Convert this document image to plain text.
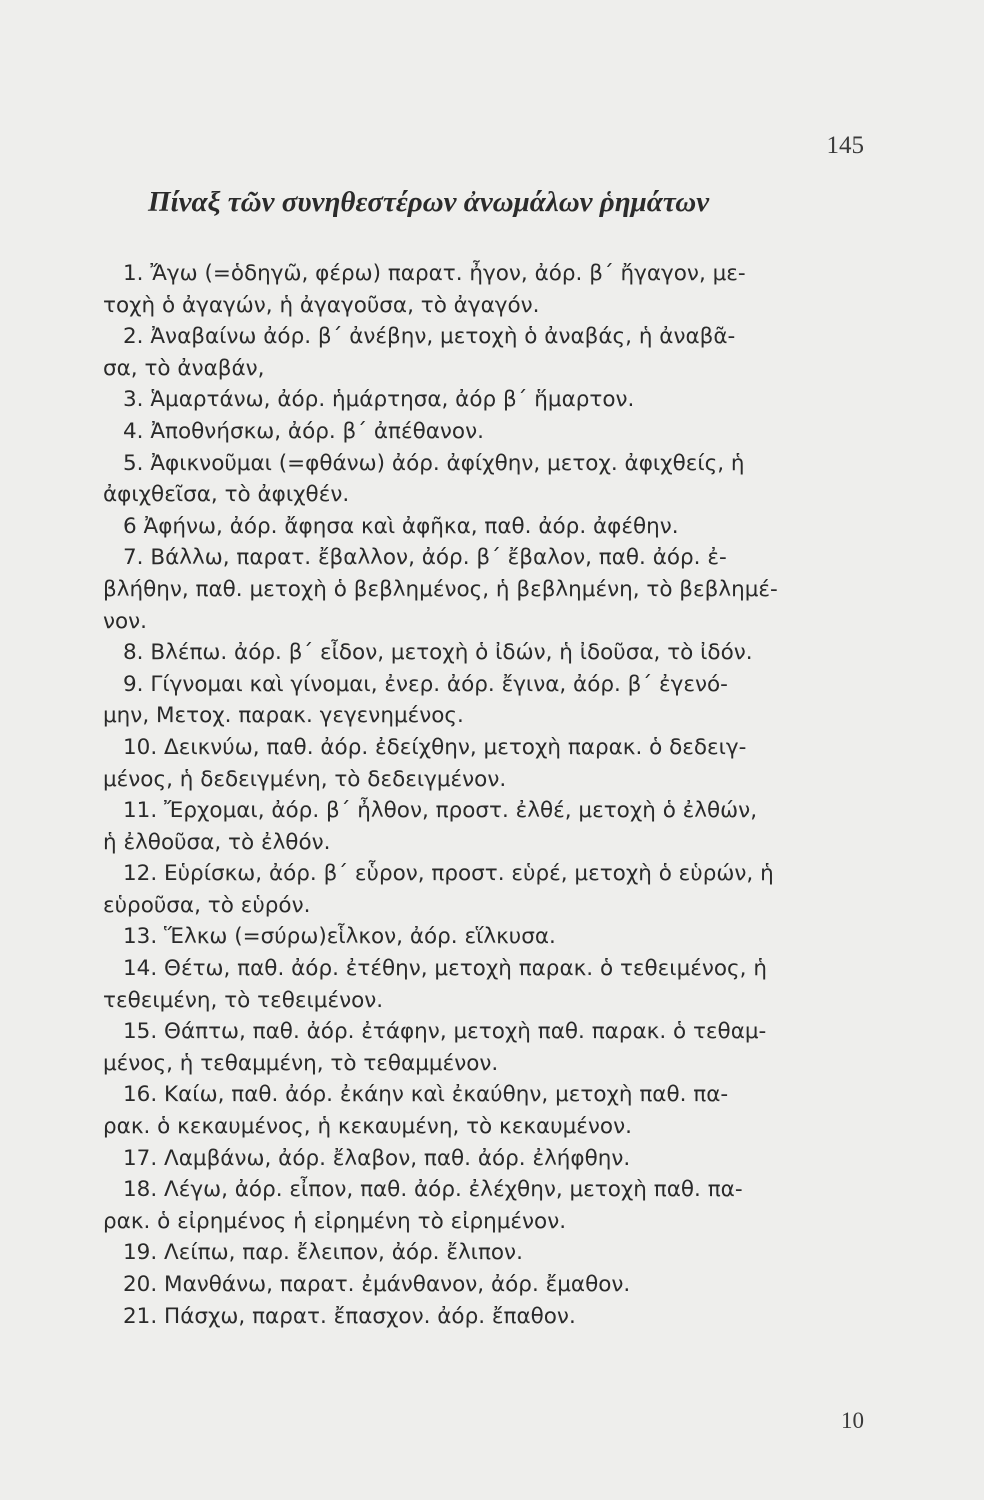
145
Πίναξ τῶν συνηθεστέρων ἀνωμάλων ῥημάτων
1. Ἄγω (=ὁδηγῶ, φέρω) παρατ. ἦγον, ἀόρ. β΄ ἤγαγον, με-
τοχὴ ὁ ἀγαγών, ἡ ἀγαγοῦσα, τὸ ἀγαγόν.
2. Ἀναβαίνω ἀόρ. β΄ ἀνέβην, μετοχὴ ὁ ἀναβάς, ἡ ἀναβᾶ-
σα, τὸ ἀναβάν,
3. Ἁμαρτάνω, ἀόρ. ἡμάρτησα, ἀόρ β΄ ἥμαρτον.
4. Ἀποθνήσκω, ἀόρ. β΄ ἀπέθανον.
5. Ἀφικνοῦμαι (=φθάνω) ἀόρ. ἀφίχθην, μετοχ. ἀφιχθείς, ἡ
ἀφιχθεῖσα, τὸ ἀφιχθέν.
6 Ἀφήνω, ἀόρ. ἄφησα καὶ ἀφῆκα, παθ. ἀόρ. ἀφέθην.
7. Βάλλω, παρατ. ἔβαλλον, ἀόρ. β΄ ἔβαλον, παθ. ἀόρ. ἐ-
βλήθην, παθ. μετοχὴ ὁ βεβλημένος, ἡ βεβλημένη, τὸ βεβλημέ-
νον.
8. Βλέπω. ἀόρ. β΄ εἶδον, μετοχὴ ὁ ἰδών, ἡ ἰδοῦσα, τὸ ἰδόν.
9. Γίγνομαι καὶ γίνομαι, ἐνερ. ἀόρ. ἔγινα, ἀόρ. β΄ ἐγενό-
μην, Μετοχ. παρακ. γεγενημένος.
10. Δεικνύω, παθ. ἀόρ. ἐδείχθην, μετοχὴ παρακ. ὁ δεδειγ-
μένος, ἡ δεδειγμένη, τὸ δεδειγμένον.
11. Ἔρχομαι, ἀόρ. β΄ ἦλθον, προστ. ἐλθέ, μετοχὴ ὁ ἐλθών,
ἡ ἐλθοῦσα, τὸ ἐλθόν.
12. Εὑρίσκω, ἀόρ. β΄ εὗρον, προστ. εὑρέ, μετοχὴ ὁ εὑρών, ἡ
εὑροῦσα, τὸ εὑρόν.
13. Ἕλκω (=σύρω)εἷλκον, ἀόρ. εἵλκυσα.
14. Θέτω, παθ. ἀόρ. ἐτέθην, μετοχὴ παρακ. ὁ τεθειμένος, ἡ
τεθειμένη, τὸ τεθειμένον.
15. Θάπτω, παθ. ἀόρ. ἐτάφην, μετοχὴ παθ. παρακ. ὁ τεθαμ-
μένος, ἡ τεθαμμένη, τὸ τεθαμμένον.
16. Καίω, παθ. ἀόρ. ἐκάην καὶ ἐκαύθην, μετοχὴ παθ. πα-
ρακ. ὁ κεκαυμένος, ἡ κεκαυμένη, τὸ κεκαυμένον.
17. Λαμβάνω, ἀόρ. ἔλαβον, παθ. ἀόρ. ἐλήφθην.
18. Λέγω, ἀόρ. εἶπον, παθ. ἀόρ. ἐλέχθην, μετοχὴ παθ. πα-
ρακ. ὁ εἰρημένος ἡ εἰρημένη τὸ εἰρημένον.
19. Λείπω, παρ. ἔλειπον, ἀόρ. ἔλιπον.
20. Μανθάνω, παρατ. ἐμάνθανον, ἀόρ. ἔμαθον.
21. Πάσχω, παρατ. ἔπασχον. ἀόρ. ἔπαθον.
10
